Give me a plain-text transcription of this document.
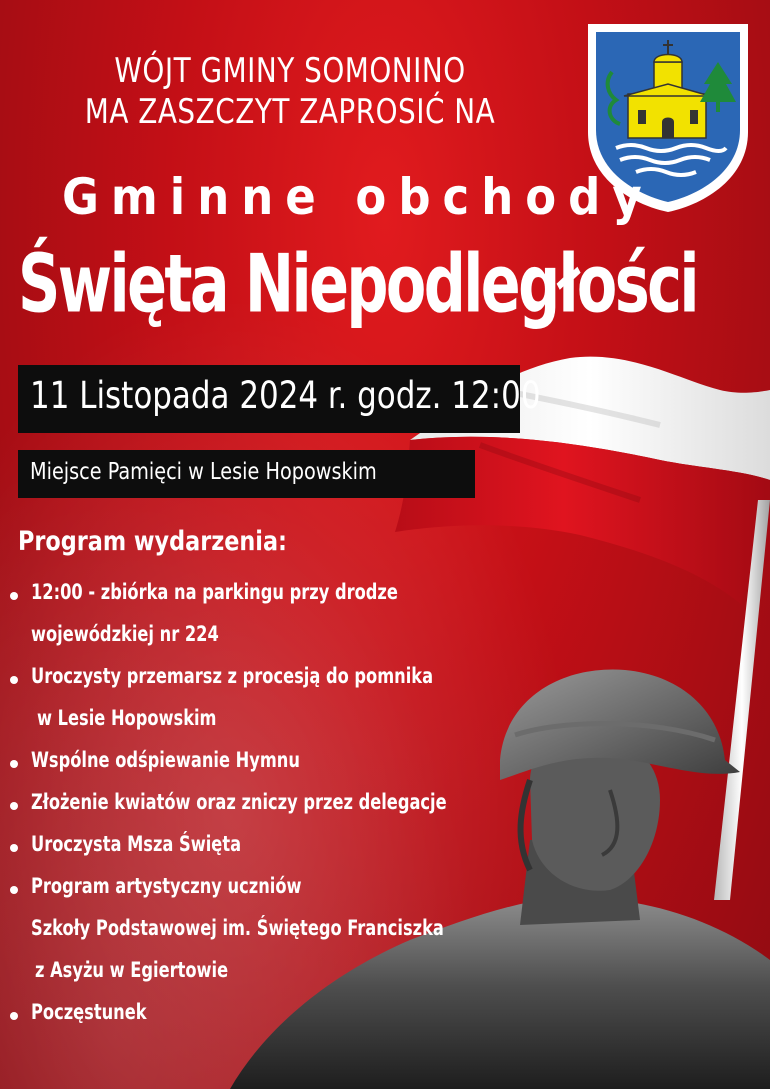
WÓJT GMINY SOMONINO
MA ZASZCZYT ZAPROSIĆ NA
Gminne obchody
Święta Niepodległości
11 Listopada 2024 r. godz. 12:00
Miejsce Pamięci w Lesie Hopowskim
Program wydarzenia:
12:00 - zbiórka na parkingu przy drodze
wojewódzkiej nr 224
Uroczysty przemarsz z procesją do pomnika
w Lesie Hopowskim
Wspólne odśpiewanie Hymnu
Złożenie kwiatów oraz zniczy przez delegacje
Uroczysta Msza Święta
Program artystyczny uczniów
Szkoły Podstawowej im. Świętego Franciszka
z Asyżu w Egiertowie
Poczęstunek
